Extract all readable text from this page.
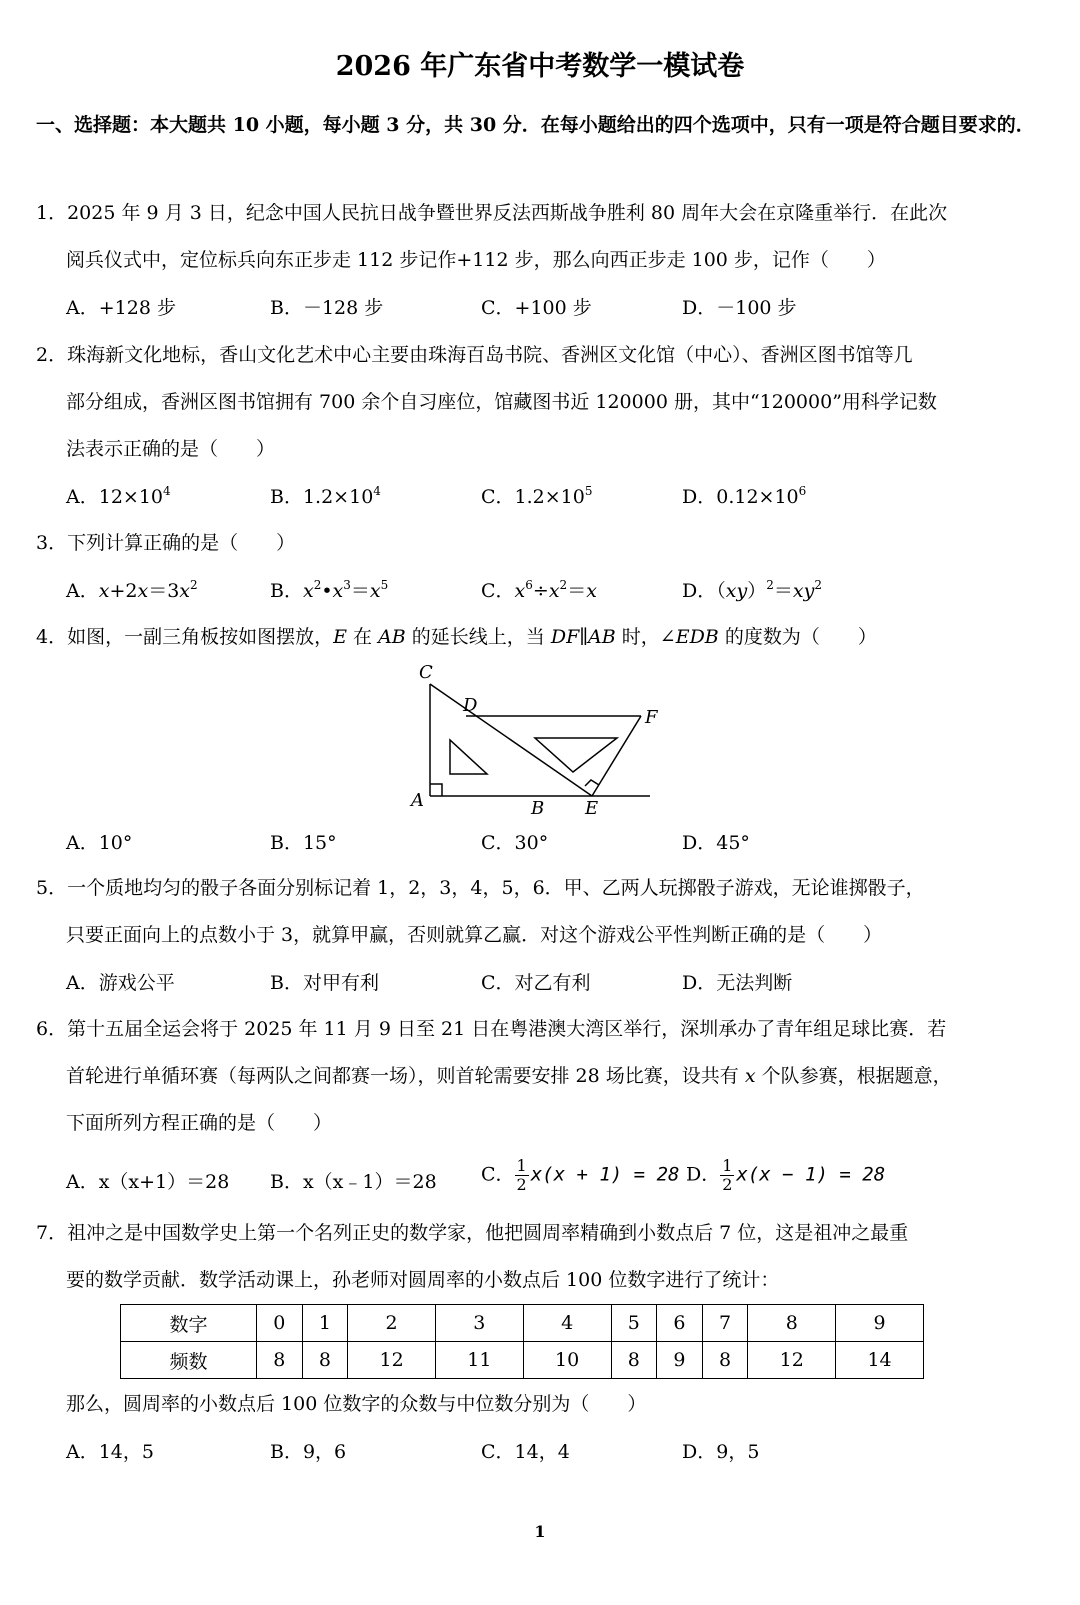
2026 年广东省中考数学一模试卷
一、选择题：本大题共 10 小题，每小题 3 分，共 30 分．在每小题给出的四个选项中，只有一项是符合题目要求的．
1．2025 年 9 月 3 日，纪念中国人民抗日战争暨世界反法西斯战争胜利 80 周年大会在京隆重举行．在此次
阅兵仪式中，定位标兵向东正步走 112 步记作+112 步，那么向西正步走 100 步，记作（　　）
A．+128 步	B．－128 步	C．+100 步	D．－100 步
2．珠海新文化地标，香山文化艺术中心主要由珠海百岛书院、香洲区文化馆（中心）、香洲区图书馆等几
部分组成，香洲区图书馆拥有 700 余个自习座位，馆藏图书近 120000 册，其中“120000”用科学记数
法表示正确的是（　　）
A．$12\times 10^4$	B．$1.2\times 10^4$	C．$1.2\times 10^5$	D．$0.12\times 10^6$
3．下列计算正确的是（　　）
A．$x+2x=3x^2$	B．$x^2•x^3=x^5$	C．$x^6\div x^2=x$	D．$(xy)^2=xy^2$
4．如图，一副三角板按如图摆放，E 在 AB 的延长线上，当 DF∥AB 时，∠EDB 的度数为（　　）
C
D
F
A	B E
A．10°	B．15°	C．30°	D．45°
5．一个质地均匀的骰子各面分别标记着 1，2，3，4，5，6．甲、乙两人玩掷骰子游戏，无论谁掷骰子，
只要正面向上的点数小于 3，就算甲赢，否则就算乙赢．对这个游戏公平性判断正确的是（　　）
A．游戏公平	B．对甲有利	C．对乙有利	D．无法判断
6．第十五届全运会将于 2025 年 11 月 9 日至 21 日在粤港澳大湾区举行，深圳承办了青年组足球比赛．若
首轮进行单循环赛（每两队之间都赛一场），则首轮需要安排 28 场比赛，设共有 x 个队参赛，根据题意，
下面所列方程正确的是（　　）
A．x（x+1）＝28 B．x（x﹣1）＝28 C． $\frac{1}{2} x(x + 1) = 28$ D． $\frac{1}{2} x(x - 1) = 28$
7．祖冲之是中国数学史上第一个名列正史的数学家，他把圆周率精确到小数点后 7 位，这是祖冲之最重
要的数学贡献．数学活动课上，孙老师对圆周率的小数点后 100 位数字进行了统计：
数字	0	1	2	3	4	5	6	7	8	9
频数	8	8	12	11	10	8	9	8	12	14
那么，圆周率的小数点后 100 位数字的众数与中位数分别为（　　）
A．14，5	B．9，6	C．14，4	D．9，5
1
